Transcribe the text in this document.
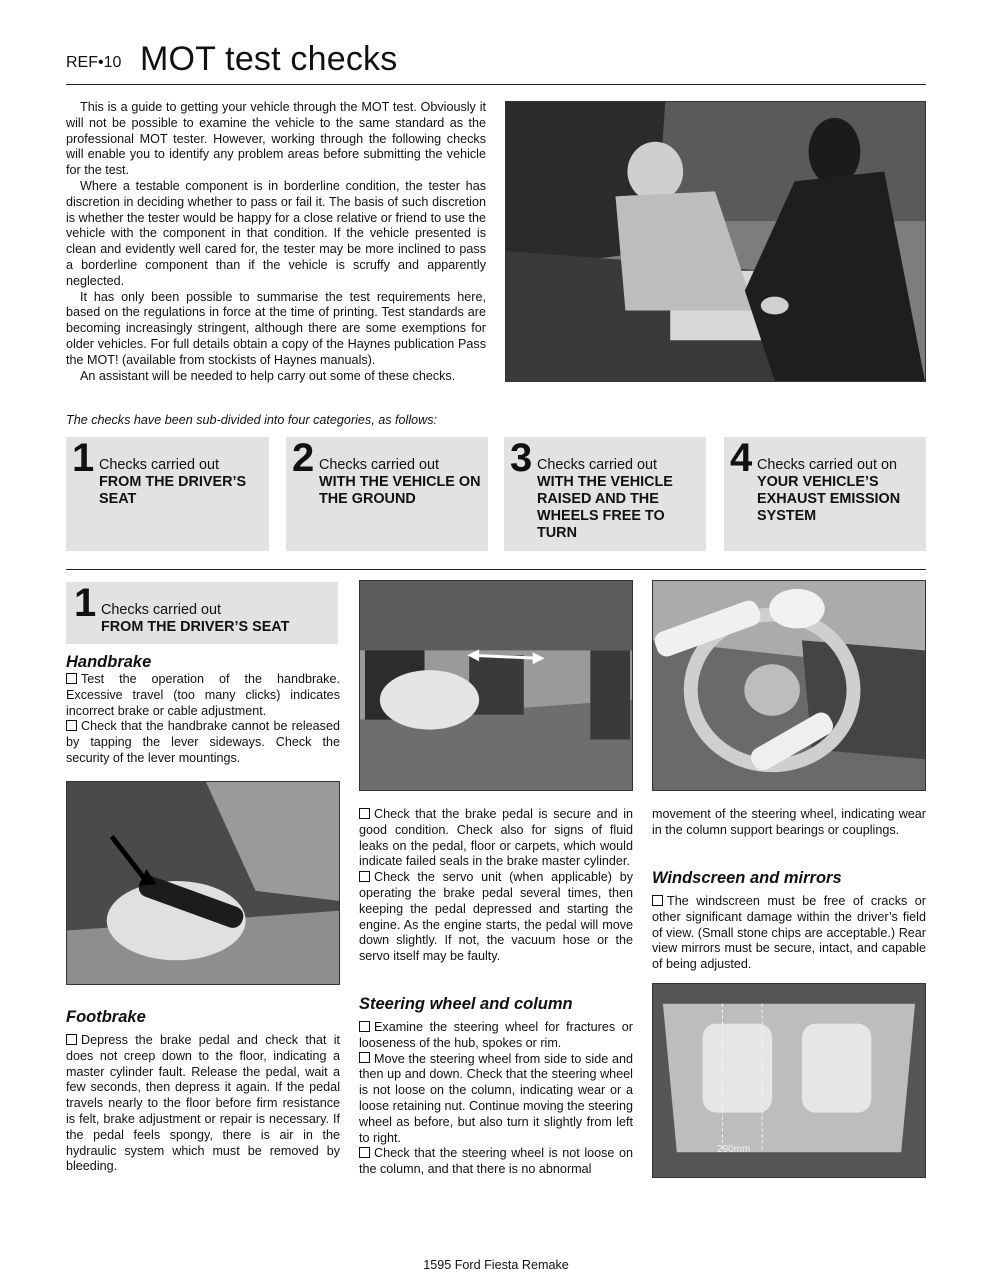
REF•10 MOT test checks

This is a guide to getting your vehicle through the MOT test. Obviously it will not be possible to examine the vehicle to the same standard as the professional MOT tester. However, working through the following checks will enable you to identify any problem areas before submitting the vehicle for the test.

Where a testable component is in borderline condition, the tester has discretion in deciding whether to pass or fail it. The basis of such discretion is whether the tester would be happy for a close relative or friend to use the vehicle with the component in that condition. If the vehicle presented is clean and evidently well cared for, the tester may be more inclined to pass a borderline component than if the vehicle is scruffy and apparently neglected.

It has only been possible to summarise the test requirements here, based on the regulations in force at the time of printing. Test standards are becoming increasingly stringent, although there are some exemptions for older vehicles. For full details obtain a copy of the Haynes publication Pass the MOT! (available from stockists of Haynes manuals).

An assistant will be needed to help carry out some of these checks.

The checks have been sub-divided into four categories, as follows:
1 Checks carried out
FROM THE DRIVER’S SEAT
2 Checks carried out
WITH THE VEHICLE ON THE GROUND
3 Checks carried out
WITH THE VEHICLE RAISED AND THE WHEELS FREE TO TURN
4 Checks carried out on
YOUR VEHICLE’S EXHAUST EMISSION SYSTEM
1 Checks carried out
FROM THE DRIVER’S SEAT
Handbrake

Test the operation of the handbrake. Excessive travel (too many clicks) indicates incorrect brake or cable adjustment.

Check that the handbrake cannot be released by tapping the lever sideways. Check the security of the lever mountings.

Footbrake

Depress the brake pedal and check that it does not creep down to the floor, indicating a master cylinder fault. Release the pedal, wait a few seconds, then depress it again. If the pedal travels nearly to the floor before firm resistance is felt, brake adjustment or repair is necessary. If the pedal feels spongy, there is air in the hydraulic system which must be removed by bleeding.

Check that the brake pedal is secure and in good condition. Check also for signs of fluid leaks on the pedal, floor or carpets, which would indicate failed seals in the brake master cylinder.

Check the servo unit (when applicable) by operating the brake pedal several times, then keeping the pedal depressed and starting the engine. As the engine starts, the pedal will move down slightly. If not, the vacuum hose or the servo itself may be faulty.

Steering wheel and column

Examine the steering wheel for fractures or looseness of the hub, spokes or rim.

Move the steering wheel from side to side and then up and down. Check that the steering wheel is not loose on the column, indicating wear or a loose retaining nut. Continue moving the steering wheel as before, but also turn it slightly from left to right.

Check that the steering wheel is not loose on the column, and that there is no abnormal

movement of the steering wheel, indicating wear in the column support bearings or couplings.

Windscreen and mirrors

The windscreen must be free of cracks or other significant damage within the driver’s field of view. (Small stone chips are acceptable.) Rear view mirrors must be secure, intact, and capable of being adjusted.

290mm
1595 Ford Fiesta Remake
